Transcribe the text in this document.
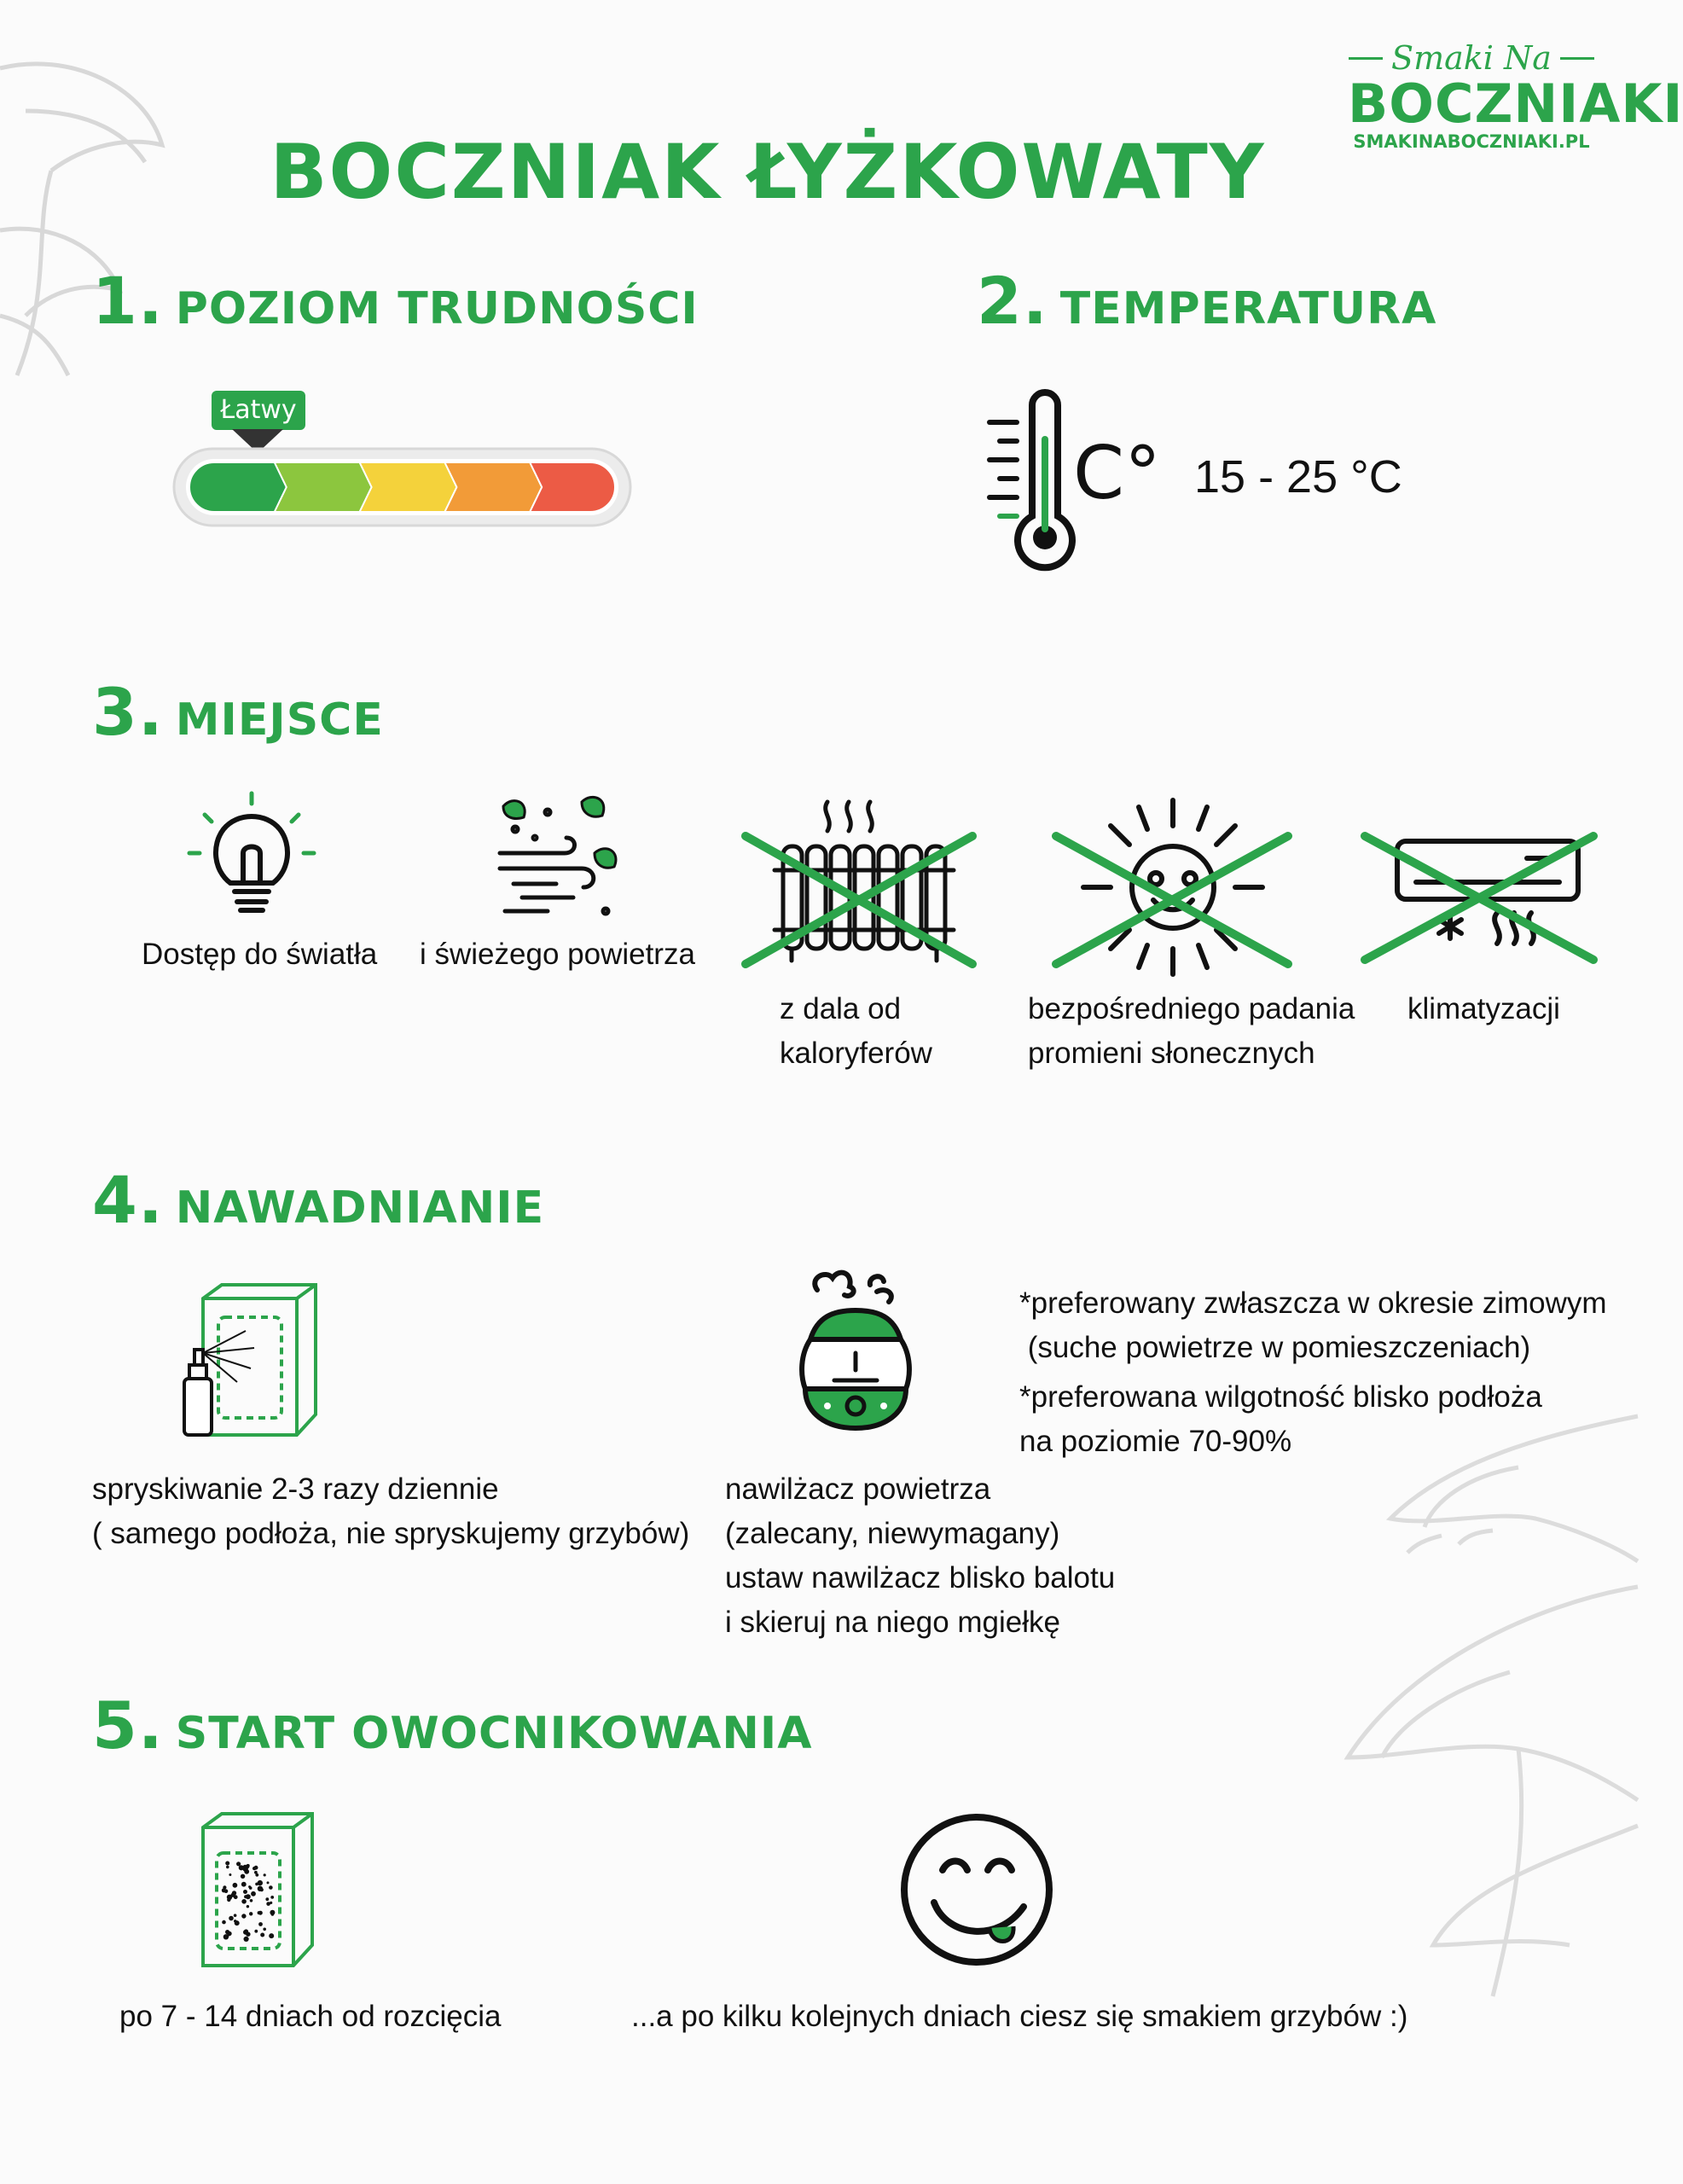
Smaki Na
BOCZNIAKI
SMAKINABOCZNIAKI.PL
BOCZNIAK ŁYŻKOWATY
1. POZIOM TRUDNOŚCI
Łatwy
2. TEMPERATURA
C° 15 - 25 °C
3. MIEJSCE
Dostęp do światła i świeżego powietrza
z dala od
kaloryferów
bezpośredniego padania
promieni słonecznych
klimatyzacji
4. NAWADNIANIE
spryskiwanie 2-3 razy dziennie
( samego podłoża, nie spryskujemy grzybów)
nawilżacz powietrza
(zalecany, niewymagany)
ustaw nawilżacz blisko balotu
i skieruj na niego mgiełkę
*preferowany zwłaszcza w okresie zimowym
(suche powietrze w pomieszczeniach)
*preferowana wilgotność blisko podłoża
na poziomie 70-90%
5. START OWOCNIKOWANIA
po 7 - 14 dniach od rozcięcia	...a po kilku kolejnych dniach ciesz się smakiem grzybów :)
